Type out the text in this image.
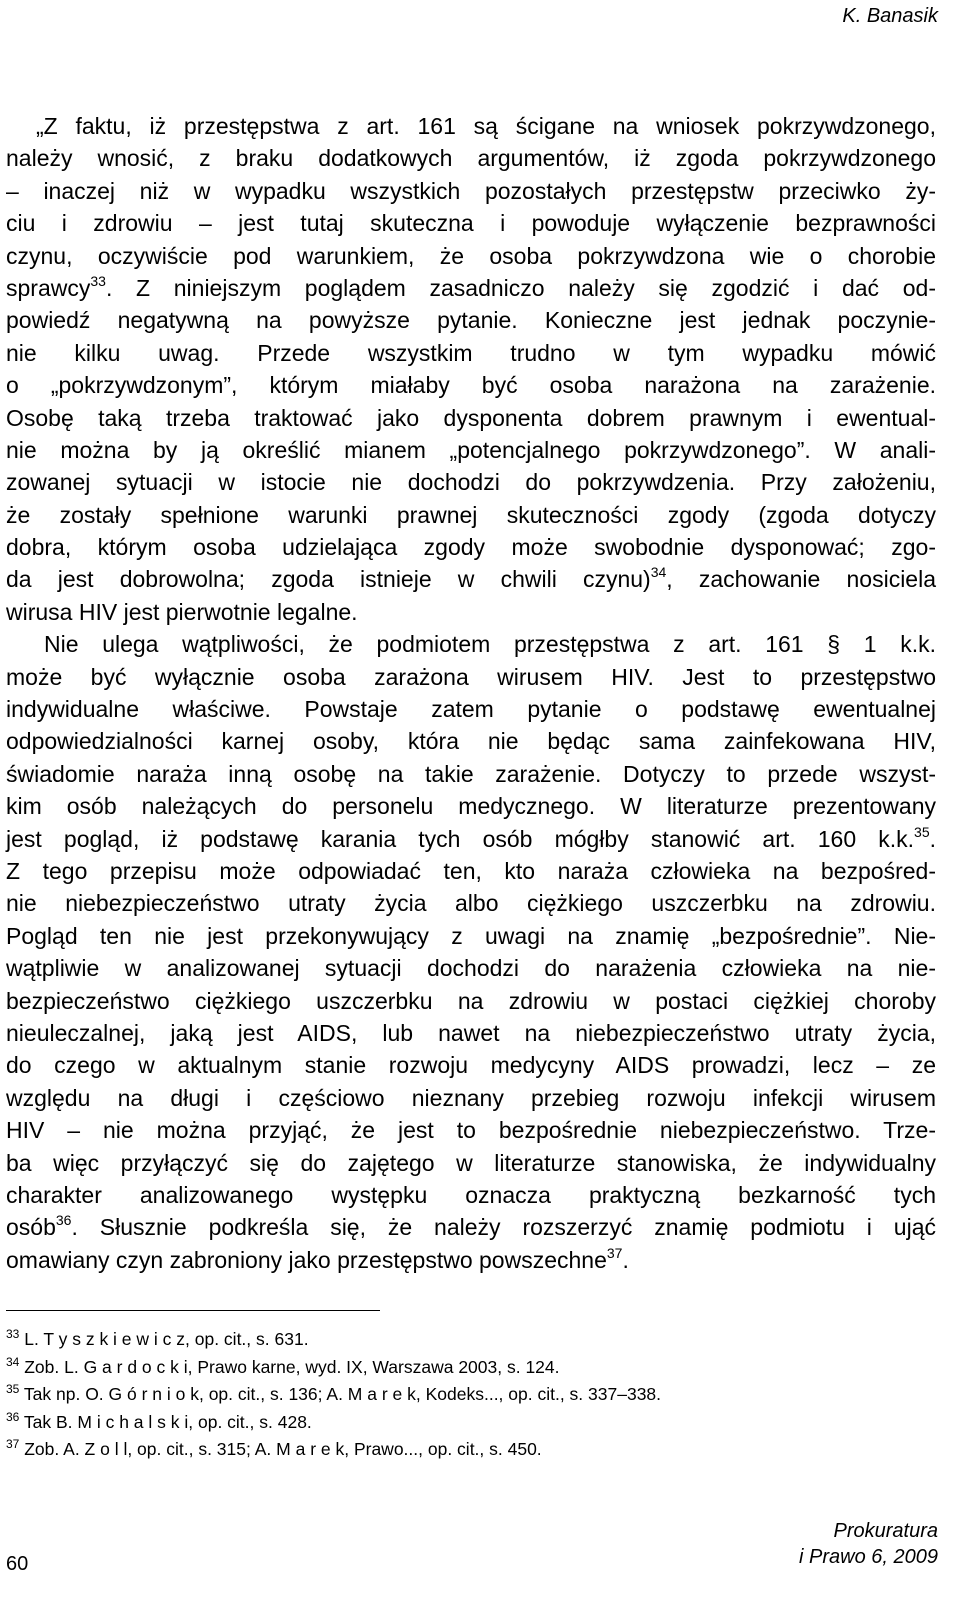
K. Banasik
„Z faktu, iż przestępstwa z art. 161 są ścigane na wniosek pokrzywdzonego,
należy wnosić, z braku dodatkowych argumentów, iż zgoda pokrzywdzonego
– inaczej niż w wypadku wszystkich pozostałych przestępstw przeciwko ży-
ciu i zdrowiu – jest tutaj skuteczna i powoduje wyłączenie bezprawności
czynu, oczywiście pod warunkiem, że osoba pokrzywdzona wie o chorobie
sprawcy$^{33}$. Z niniejszym poglądem zasadniczo należy się zgodzić i dać od-
powiedź negatywną na powyższe pytanie. Konieczne jest jednak poczynie-
nie kilku uwag. Przede wszystkim trudno w tym wypadku mówić
o „pokrzywdzonym”, którym miałaby być osoba narażona na zarażenie.
Osobę taką trzeba traktować jako dysponenta dobrem prawnym i ewentual-
nie można by ją określić mianem „potencjalnego pokrzywdzonego”. W anali-
zowanej sytuacji w istocie nie dochodzi do pokrzywdzenia. Przy założeniu,
że zostały spełnione warunki prawnej skuteczności zgody (zgoda dotyczy
dobra, którym osoba udzielająca zgody może swobodnie dysponować; zgo-
da jest dobrowolna; zgoda istnieje w chwili czynu)$^{34}$, zachowanie nosiciela
wirusa HIV jest pierwotnie legalne.
Nie ulega wątpliwości, że podmiotem przestępstwa z art. 161 § 1 k.k.
może być wyłącznie osoba zarażona wirusem HIV. Jest to przestępstwo
indywidualne właściwe. Powstaje zatem pytanie o podstawę ewentualnej
odpowiedzialności karnej osoby, która nie będąc sama zainfekowana HIV,
świadomie naraża inną osobę na takie zarażenie. Dotyczy to przede wszyst-
kim osób należących do personelu medycznego. W literaturze prezentowany
jest pogląd, iż podstawę karania tych osób mógłby stanowić art. 160 k.k.$^{35}$.
Z tego przepisu może odpowiadać ten, kto naraża człowieka na bezpośred-
nie niebezpieczeństwo utraty życia albo ciężkiego uszczerbku na zdrowiu.
Pogląd ten nie jest przekonywujący z uwagi na znamię „bezpośrednie”. Nie-
wątpliwie w analizowanej sytuacji dochodzi do narażenia człowieka na nie-
bezpieczeństwo ciężkiego uszczerbku na zdrowiu w postaci ciężkiej choroby
nieuleczalnej, jaką jest AIDS, lub nawet na niebezpieczeństwo utraty życia,
do czego w aktualnym stanie rozwoju medycyny AIDS prowadzi, lecz – ze
względu na długi i częściowo nieznany przebieg rozwoju infekcji wirusem
HIV – nie można przyjąć, że jest to bezpośrednie niebezpieczeństwo. Trze-
ba więc przyłączyć się do zajętego w literaturze stanowiska, że indywidualny
charakter analizowanego występku oznacza praktyczną bezkarność tych
osób$^{36}$. Słusznie podkreśla się, że należy rozszerzyć znamię podmiotu i ująć
omawiany czyn zabroniony jako przestępstwo powszechne$^{37}$.
$^{33}$ L. T y s z k i e w i c z, op. cit., s. 631.
$^{34}$ Zob. L. G a r d o c k i, Prawo karne, wyd. IX, Warszawa 2003, s. 124.
$^{35}$ Tak np. O. G ó r n i o k, op. cit., s. 136; A. M a r e k, Kodeks..., op. cit., s. 337–338.
$^{36}$ Tak B. M i c h a l s k i, op. cit., s. 428.
$^{37}$ Zob. A. Z o l l, op. cit., s. 315; A. M a r e k, Prawo..., op. cit., s. 450.
60
Prokuratura
i Prawo 6, 2009
